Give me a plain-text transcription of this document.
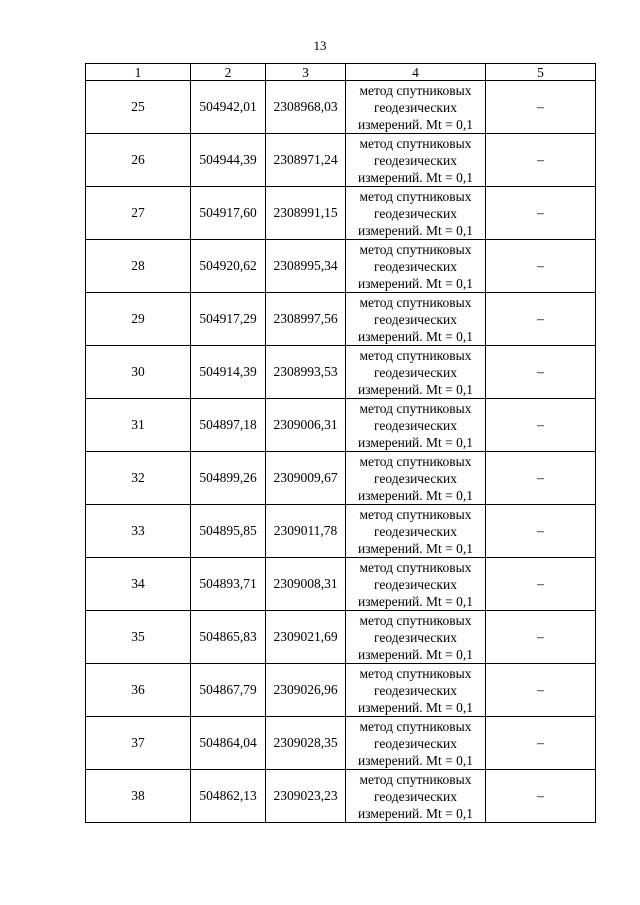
13
1	2	3	4	5
25	504942,01	2308968,03	метод спутниковых
геодезических
измерений. Mt = 0,1	–
26	504944,39	2308971,24	метод спутниковых
геодезических
измерений. Mt = 0,1	–
27	504917,60	2308991,15	метод спутниковых
геодезических
измерений. Mt = 0,1	–
28	504920,62	2308995,34	метод спутниковых
геодезических
измерений. Mt = 0,1	–
29	504917,29	2308997,56	метод спутниковых
геодезических
измерений. Mt = 0,1	–
30	504914,39	2308993,53	метод спутниковых
геодезических
измерений. Mt = 0,1	–
31	504897,18	2309006,31	метод спутниковых
геодезических
измерений. Mt = 0,1	–
32	504899,26	2309009,67	метод спутниковых
геодезических
измерений. Mt = 0,1	–
33	504895,85	2309011,78	метод спутниковых
геодезических
измерений. Mt = 0,1	–
34	504893,71	2309008,31	метод спутниковых
геодезических
измерений. Mt = 0,1	–
35	504865,83	2309021,69	метод спутниковых
геодезических
измерений. Mt = 0,1	–
36	504867,79	2309026,96	метод спутниковых
геодезических
измерений. Mt = 0,1	–
37	504864,04	2309028,35	метод спутниковых
геодезических
измерений. Mt = 0,1	–
38	504862,13	2309023,23	метод спутниковых
геодезических
измерений. Mt = 0,1	–
